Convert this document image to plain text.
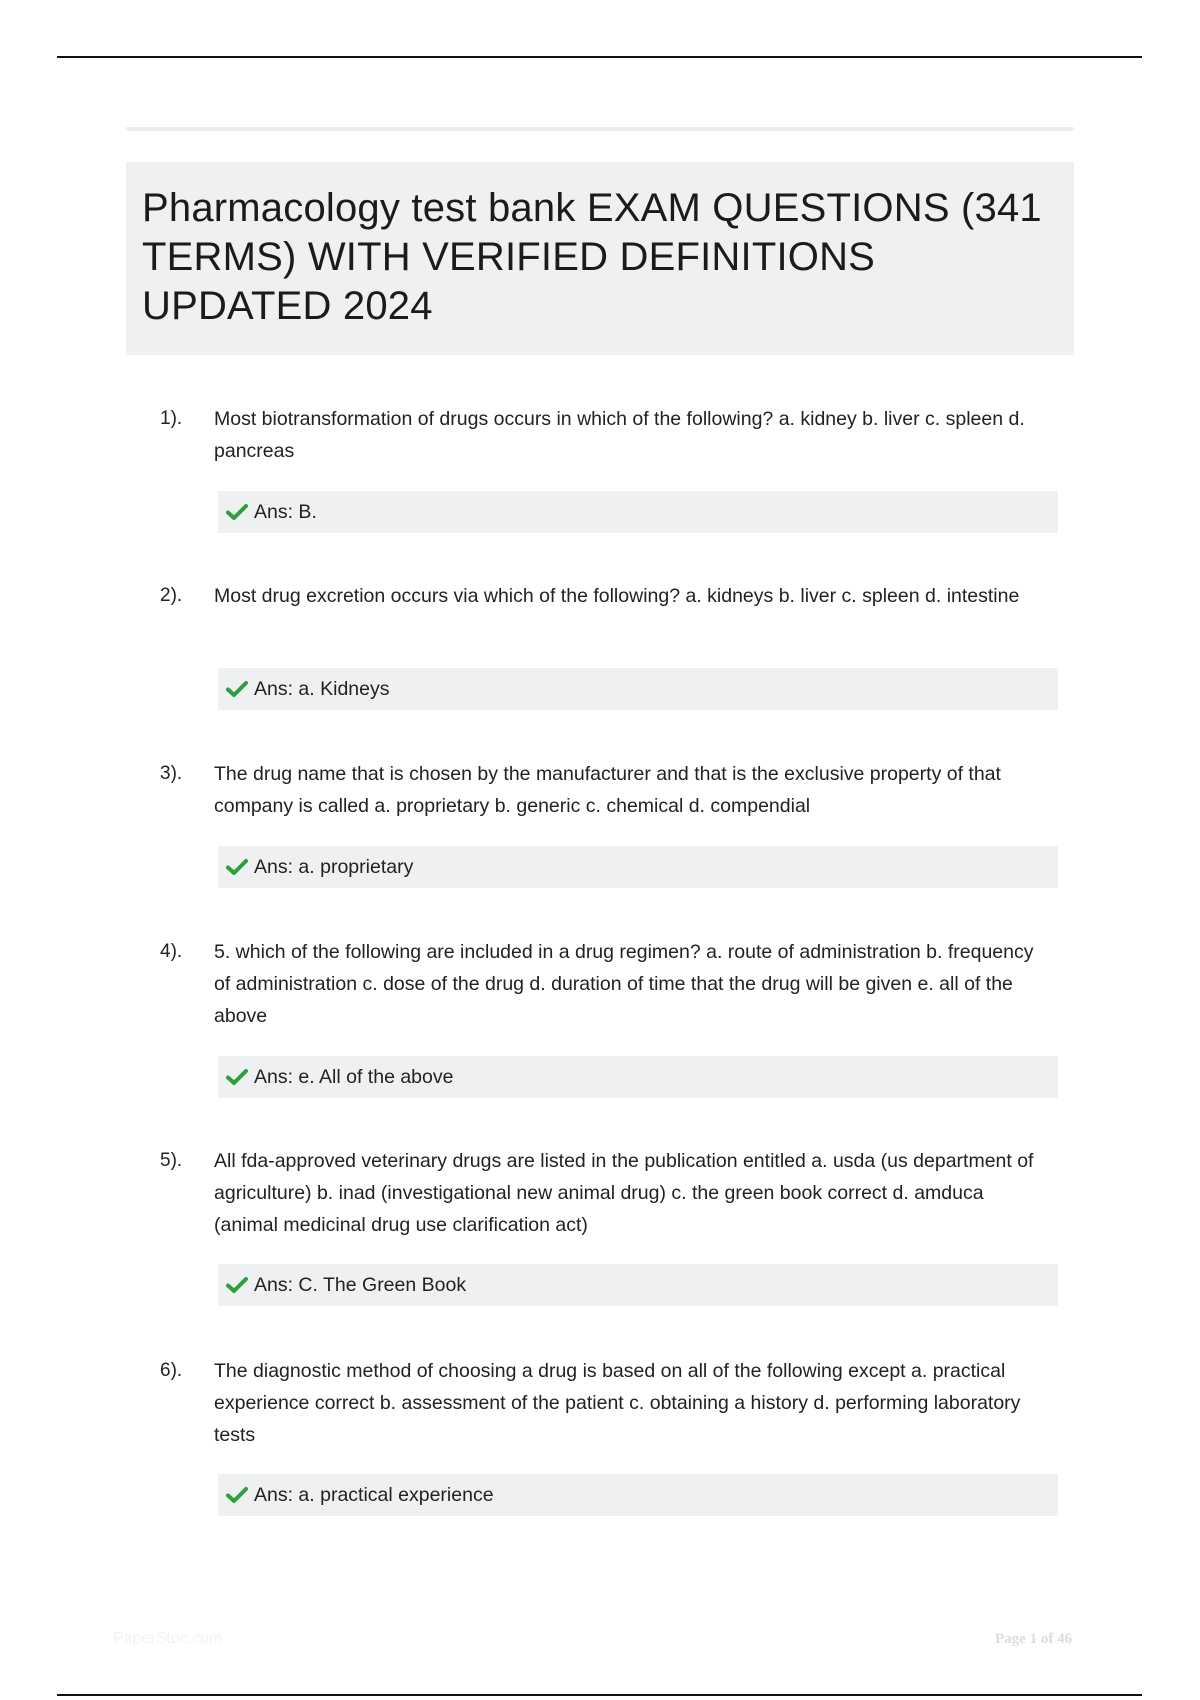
Pharmacology test bank EXAM QUESTIONS (341 TERMS) WITH VERIFIED DEFINITIONS UPDATED 2024
1). Most biotransformation of drugs occurs in which of the following? a. kidney b. liver c. spleen d. pancreas
Ans: B.
2). Most drug excretion occurs via which of the following? a. kidneys b. liver c. spleen d. intestine
Ans: a. Kidneys
3). The drug name that is chosen by the manufacturer and that is the exclusive property of that company is called a. proprietary b. generic c. chemical d. compendial
Ans: a. proprietary
4). 5. which of the following are included in a drug regimen? a. route of administration b. frequency of administration c. dose of the drug d. duration of time that the drug will be given e. all of the above
Ans: e. All of the above
5). All fda-approved veterinary drugs are listed in the publication entitled a. usda (us department of agriculture) b. inad (investigational new animal drug) c. the green book correct d. amduca (animal medicinal drug use clarification act)
Ans: C. The Green Book
6). The diagnostic method of choosing a drug is based on all of the following except a. practical experience correct b. assessment of the patient c. obtaining a history d. performing laboratory tests
Ans: a. practical experience
PaperStoc.com	Page 1 of 46
